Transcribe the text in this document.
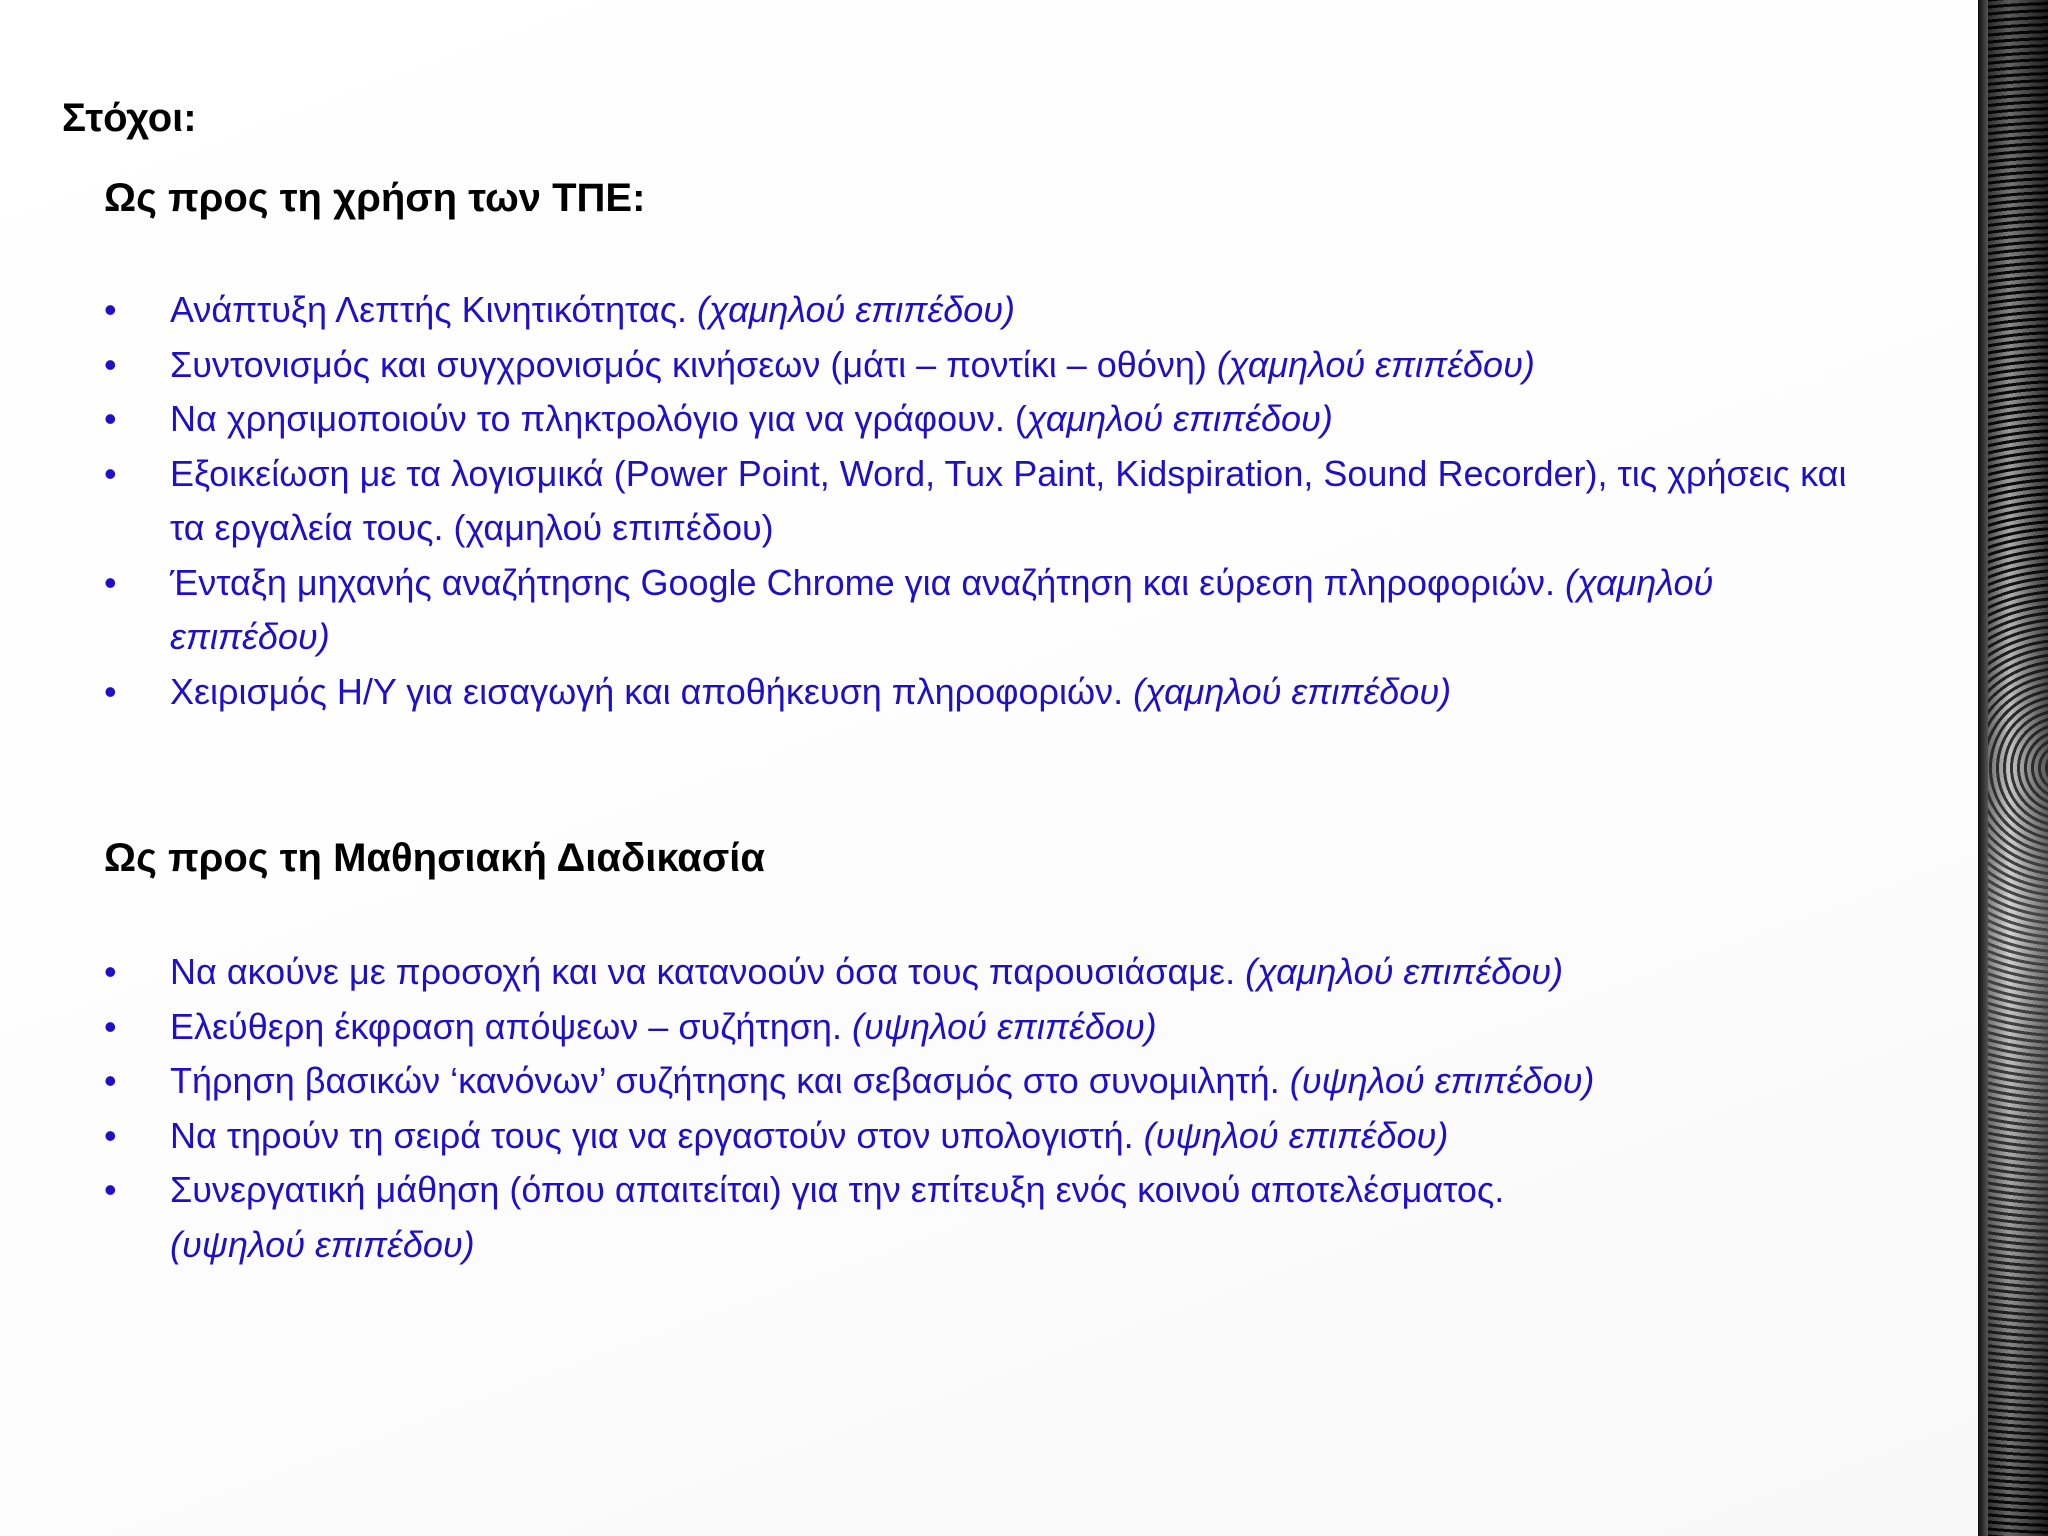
Στόχοι:
Ως προς τη χρήση των ΤΠΕ:
• Ανάπτυξη Λεπτής Κινητικότητας. (χαμηλού επιπέδου)
• Συντονισμός και συγχρονισμός κινήσεων (μάτι – ποντίκι – οθόνη) (χαμηλού επιπέδου)
• Να χρησιμοποιούν το πληκτρολόγιο για να γράφουν. (χαμηλού επιπέδου)
• Εξοικείωση με τα λογισμικά (Power Point, Word, Tux Paint, Kidspiration, Sound Recorder), τις χρήσεις και τα εργαλεία τους. (χαμηλού επιπέδου)
• Ένταξη μηχανής αναζήτησης Google Chrome για αναζήτηση και εύρεση πληροφοριών. (χαμηλού επιπέδου)
• Χειρισμός Η/Υ για εισαγωγή και αποθήκευση πληροφοριών. (χαμηλού επιπέδου)
Ως προς τη Μαθησιακή Διαδικασία
• Να ακούνε με προσοχή και να κατανοούν όσα τους παρουσιάσαμε. (χαμηλού επιπέδου)
• Ελεύθερη έκφραση απόψεων – συζήτηση. (υψηλού επιπέδου)
• Τήρηση βασικών ‘κανόνων’ συζήτησης και σεβασμός στο συνομιλητή. (υψηλού επιπέδου)
• Να τηρούν τη σειρά τους για να εργαστούν στον υπολογιστή. (υψηλού επιπέδου)
• Συνεργατική μάθηση (όπου απαιτείται) για την επίτευξη ενός κοινού αποτελέσματος. (υψηλού επιπέδου)
